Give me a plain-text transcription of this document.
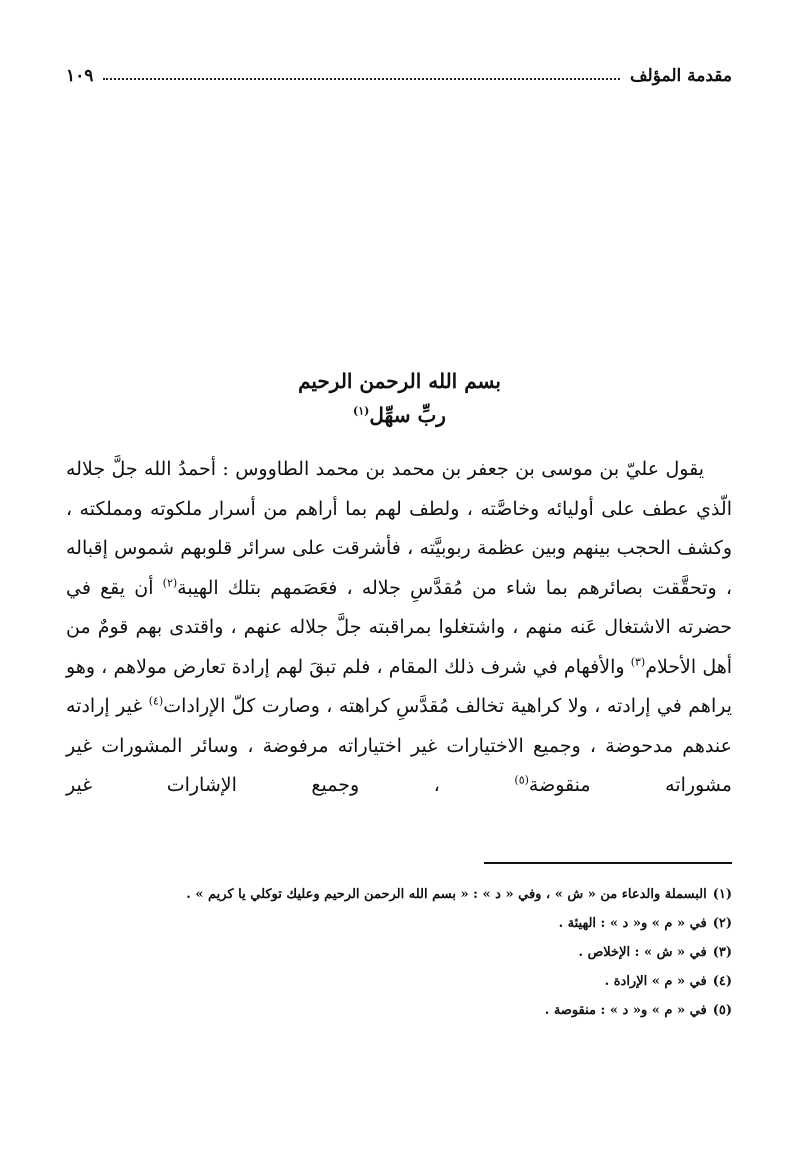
مقدمة المؤلف
١٠٩
بسم الله الرحمن الرحيم
ربِّ سهِّل$^{(١)}$

يقول عليّ بن موسى بن جعفر بن محمد بن محمد الطاووس : أحمدُ الله جلَّ جلاله الّذي عطف على أوليائه وخاصَّته ، ولطف لهم بما أراهم من أسرار ملكوته ومملكته ، وكشف الحجب بينهم وبين عظمة ربوبيَّته ، فأشرقت على سرائر قلوبهم شموس إقباله ، وتحقَّقت بصائرهم بما شاء من مُقدَّسِ جلاله ، فعَصَمهم بتلك الهيبة$^{(٢)}$ أن يقع في حضرته الاشتغال عَنه منهم ، واشتغلوا بمراقبته جلَّ جلاله عنهم ، واقتدى بهم قومٌ من أهل الأحلام$^{(٣)}$ والأفهام في شرف ذلك المقام ، فلم تبقَ لهم إرادة تعارض مولاهم ، وهو يراهم في إرادته ، ولا كراهية تخالف مُقدَّسِ كراهته ، وصارت كلّ الإرادات$^{(٤)}$ غير إرادته عندهم مدحوضة ، وجميع الاختيارات غير اختياراته مرفوضة ، وسائر المشورات غير مشوراته منقوضة$^{(٥)}$ ، وجميع الإشارات غير

(١)البسملة والدعاء من « ش » ، وفي « د » : « بسم الله الرحمن الرحيم وعليك توكلي يا كريم » .
(٢)في « م » و« د » : الهيئة .
(٣)في « ش » : الإخلاص .
(٤)في « م » الإرادة .
(٥)في « م » و« د » : منقوصة .
